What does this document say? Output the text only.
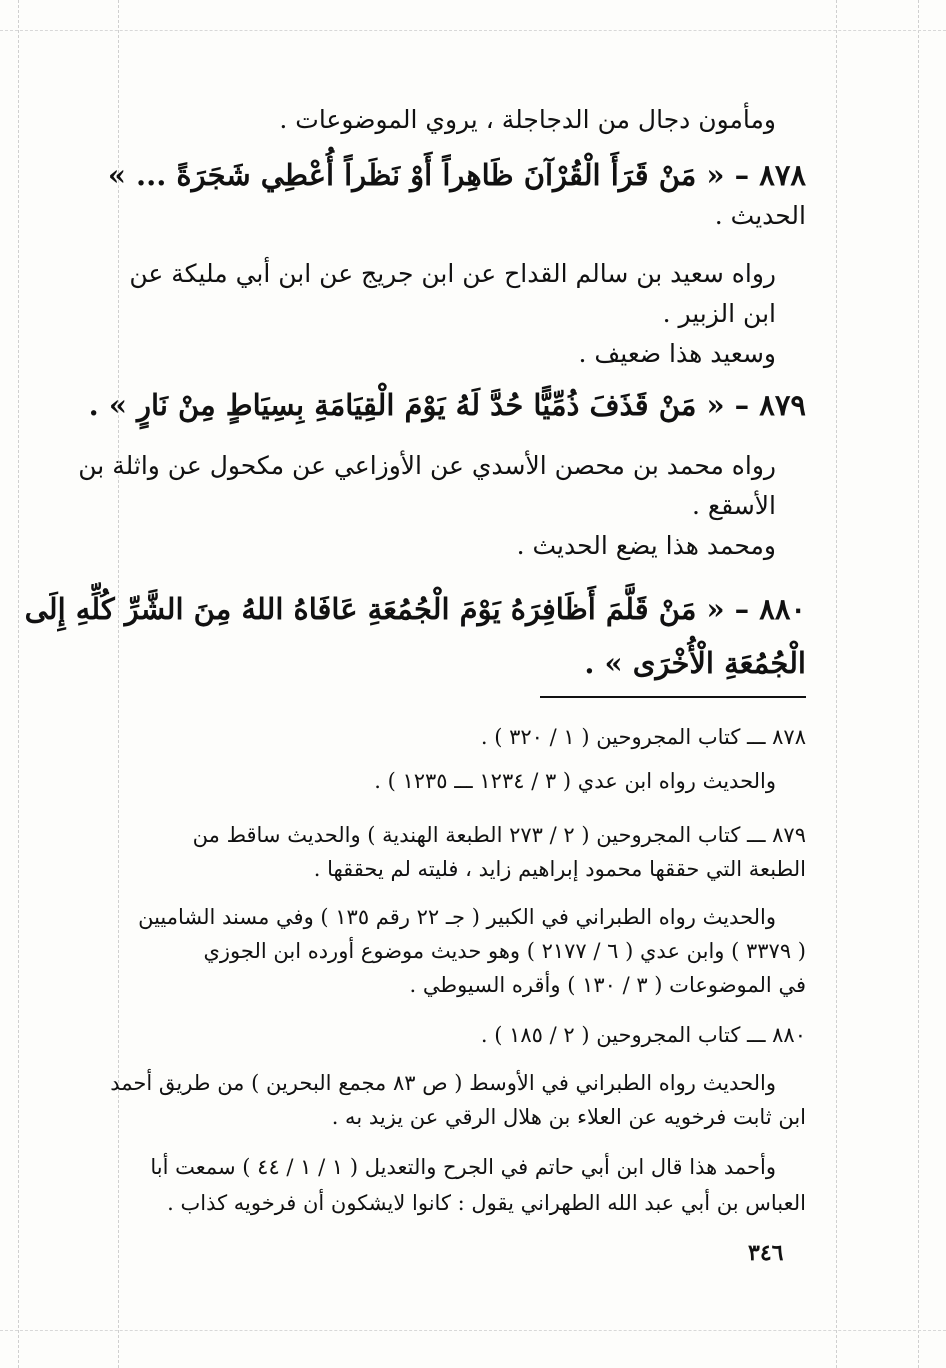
ومأمون دجال من الدجاجلة ، يروي الموضوعات .
٨٧٨ – « مَنْ قَرَأَ الْقُرْآنَ ظَاهِراً أَوْ نَظَراً أُعْطِي شَجَرَةً ... »
الحديث .
رواه سعيد بن سالم القداح عن ابن جريج عن ابن أبي مليكة عن
ابن الزبير .
وسعيد هذا ضعيف .
٨٧٩ – « مَنْ قَذَفَ ذُمِّيًّا حُدَّ لَهُ يَوْمَ الْقِيَامَةِ بِسِيَاطٍ مِنْ نَارٍ » .
رواه محمد بن محصن الأسدي عن الأوزاعي عن مكحول عن واثلة بن
الأسقع .
ومحمد هذا يضع الحديث .
٨٨٠ – « مَنْ قَلَّمَ أَظَافِرَهُ يَوْمَ الْجُمُعَةِ عَافَاهُ اللهُ مِنَ الشَّرِّ كُلِّهِ إِلَى
الْجُمُعَةِ الْأُخْرَى » .
٨٧٨ ـــ كتاب المجروحين ( ١ / ٣٢٠ ) .
والحديث رواه ابن عدي ( ٣ / ١٢٣٤ ـــ ١٢٣٥ ) .
٨٧٩ ـــ كتاب المجروحين ( ٢ / ٢٧٣ الطبعة الهندية ) والحديث ساقط من
الطبعة التي حققها محمود إبراهيم زايد ، فليته لم يحققها .
والحديث رواه الطبراني في الكبير ( جـ ٢٢ رقم ١٣٥ ) وفي مسند الشاميين
( ٣٣٧٩ ) وابن عدي ( ٦ / ٢١٧٧ ) وهو حديث موضوع أورده ابن الجوزي
في الموضوعات ( ٣ / ١٣٠ ) وأقره السيوطي .
٨٨٠ ـــ كتاب المجروحين ( ٢ / ١٨٥ ) .
والحديث رواه الطبراني في الأوسط ( ص ٨٣ مجمع البحرين ) من طريق أحمد
ابن ثابت فرخويه عن العلاء بن هلال الرقي عن يزيد به .
وأحمد هذا قال ابن أبي حاتم في الجرح والتعديل ( ١ / ١ / ٤٤ ) سمعت أبا
العباس بن أبي عبد الله الطهراني يقول : كانوا لايشكون أن فرخويه كذاب .
٣٤٦
